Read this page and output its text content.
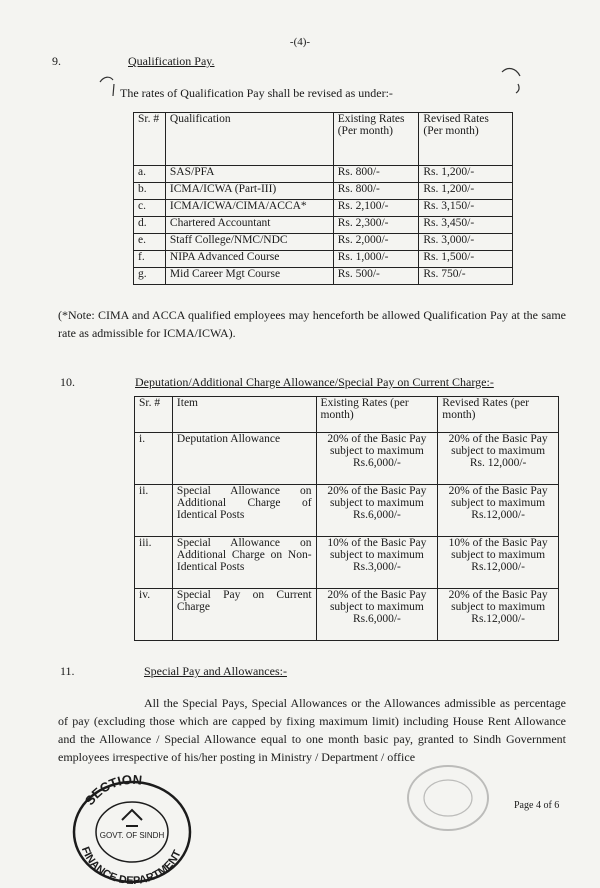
-(4)-
9.	Qualification Pay.
The rates of Qualification Pay shall be revised as under:-
Sr. #	Qualification	Existing Rates (Per month)	Revised Rates (Per month)
a.	SAS/PFA	Rs. 800/-	Rs. 1,200/-
b.	ICMA/ICWA (Part-III)	Rs. 800/-	Rs. 1,200/-
c.	ICMA/ICWA/CIMA/ACCA*	Rs. 2,100/-	Rs. 3,150/-
d.	Chartered Accountant	Rs. 2,300/-	Rs. 3,450/-
e.	Staff College/NMC/NDC	Rs. 2,000/-	Rs. 3,000/-
f.	NIPA Advanced Course	Rs. 1,000/-	Rs. 1,500/-
g.	Mid Career Mgt Course	Rs. 500/-	Rs. 750/-
(*Note: CIMA and ACCA qualified employees may henceforth be allowed Qualification Pay at the same rate as admissible for ICMA/ICWA).
10.	Deputation/Additional Charge Allowance/Special Pay on Current Charge:-
Sr. #	Item	Existing Rates (per month)	Revised Rates (per month)
i.	Deputation Allowance	20% of the Basic Pay subject to maximum Rs.6,000/-	20% of the Basic Pay subject to maximum Rs. 12,000/-
ii.	Special Allowance on Additional Charge of Identical Posts	20% of the Basic Pay subject to maximum Rs.6,000/-	20% of the Basic Pay subject to maximum Rs.12,000/-
iii.	Special Allowance on Additional Charge on Non- Identical Posts	10% of the Basic Pay subject to maximum Rs.3,000/-	10% of the Basic Pay subject to maximum Rs.12,000/-
iv.	Special Pay on Current Charge	20% of the Basic Pay subject to maximum Rs.6,000/-	20% of the Basic Pay subject to maximum Rs.12,000/-
11.	Special Pay and Allowances:-
All the Special Pays, Special Allowances or the Allowances admissible as percentage of pay (excluding those which are capped by fixing maximum limit) including House Rent Allowance and the Allowance / Special Allowance equal to one month basic pay, granted to Sindh Government employees irrespective of his/her posting in Ministry / Department / office
SECTION
FINANCE DEPARTMENT
GOVT. OF SINDH
Page 4 of 6
